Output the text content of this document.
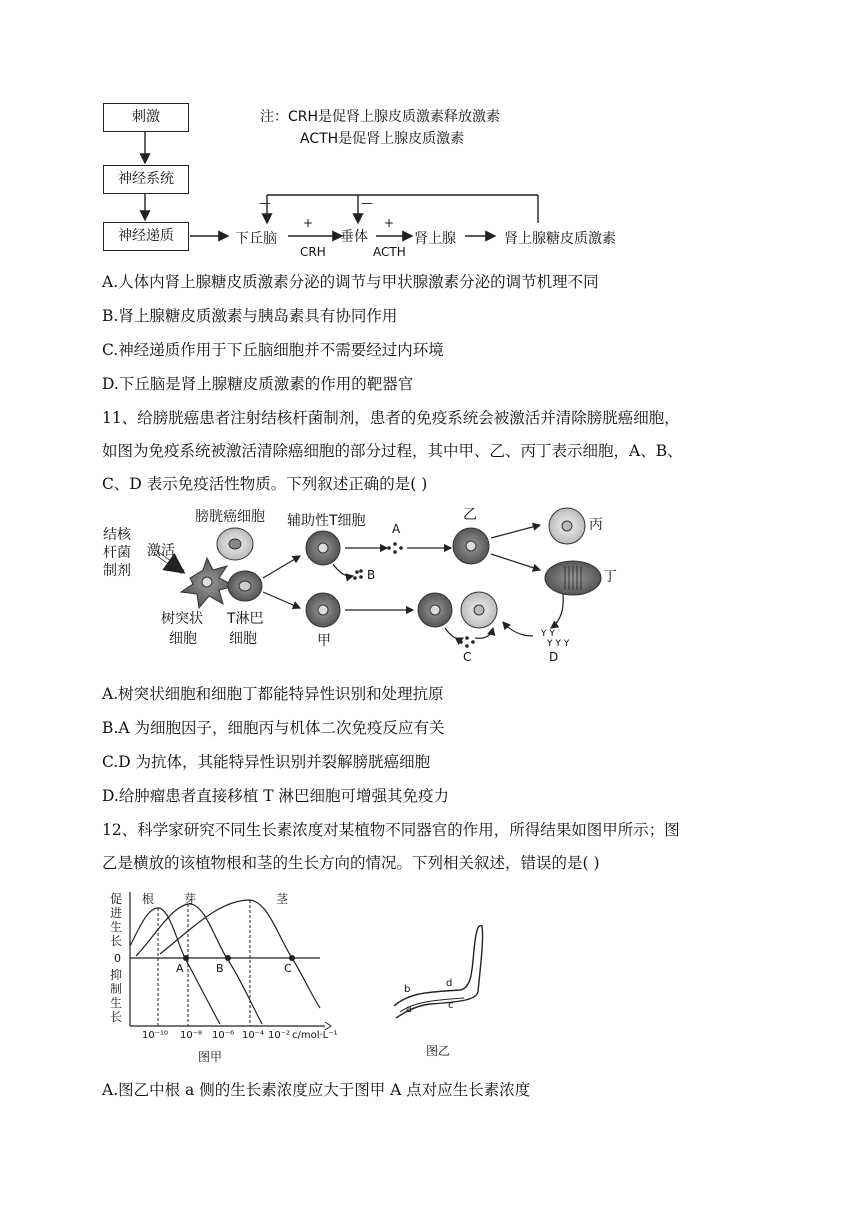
刺激
神经系统
神经递质
注：CRH是促肾上腺皮质激素释放激素
ACTH是促肾上腺皮质激素
下丘脑	垂体	肾上腺	肾上腺糖皮质激素
CRH	ACTH
+	+
—	—
A.人体内肾上腺糖皮质激素分泌的调节与甲状腺激素分泌的调节机理不同
B.肾上腺糖皮质激素与胰岛素具有协同作用
C.神经递质作用于下丘脑细胞并不需要经过内环境
D.下丘脑是肾上腺糖皮质激素的作用的靶器官
11、给膀胱癌患者注射结核杆菌制剂，患者的免疫系统会被激活并清除膀胱癌细胞，
如图为免疫系统被激活清除癌细胞的部分过程，其中甲、乙、丙丁表示细胞，A、B、
C、D 表示免疫活性物质。下列叙述正确的是( )
Y Y
Y Y Y
结核
杆菌
制剂
激活
膀胱癌细胞 辅助性T细胞
树突状
细胞
T淋巴
细胞	甲
乙
丙
丁
A
B
C	D
A.树突状细胞和细胞丁都能特异性识别和处理抗原
B.A 为细胞因子，细胞丙与机体二次免疫反应有关
C.D 为抗体，其能特异性识别并裂解膀胱癌细胞
D.给肿瘤患者直接移植 T 淋巴细胞可增强其免疫力
12、科学家研究不同生长素浓度对某植物不同器官的作用，所得结果如图甲所示；图
乙是横放的该植物根和茎的生长方向的情况。下列相关叙述，错误的是( )
促
进
生
长
0
抑
制
生
长
根 芽	茎
A	B	C
10⁻¹⁰ 10⁻⁸ 10⁻⁶ 10⁻⁴ 10⁻² c/mol·L⁻¹
图甲
a
b
c
d
图乙
A.图乙中根 a 侧的生长素浓度应大于图甲 A 点对应生长素浓度
